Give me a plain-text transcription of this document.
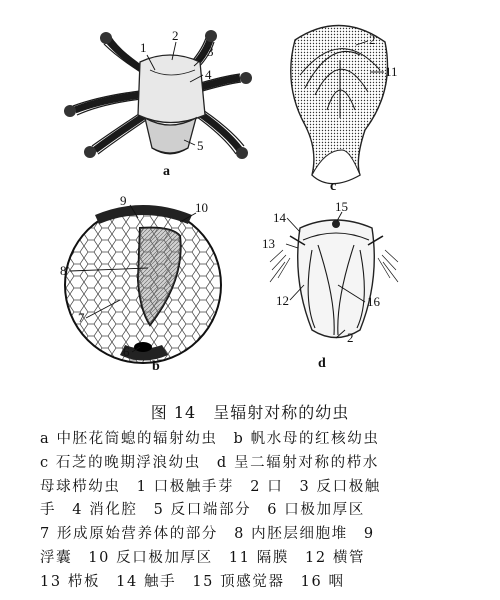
1
2
3
4
5
a
2
11
c
9	10
8
7
6
b
14
15
13
12	16
2
d
图 14　呈辐射对称的幼虫
a 中胚花筒螅的辐射幼虫　b 帆水母的红核幼虫
c 石芝的晚期浮浪幼虫　d 呈二辐射对称的栉水
母球栉幼虫　1 口极触手芽　2 口　3 反口极触
手　4 消化腔　5 反口端部分　6 口极加厚区
7 形成原始营养体的部分　8 内胚层细胞堆　9
浮囊　10 反口极加厚区　11 隔膜　12 横管
13 栉板　14 触手　15 顶感觉器　16 咽
